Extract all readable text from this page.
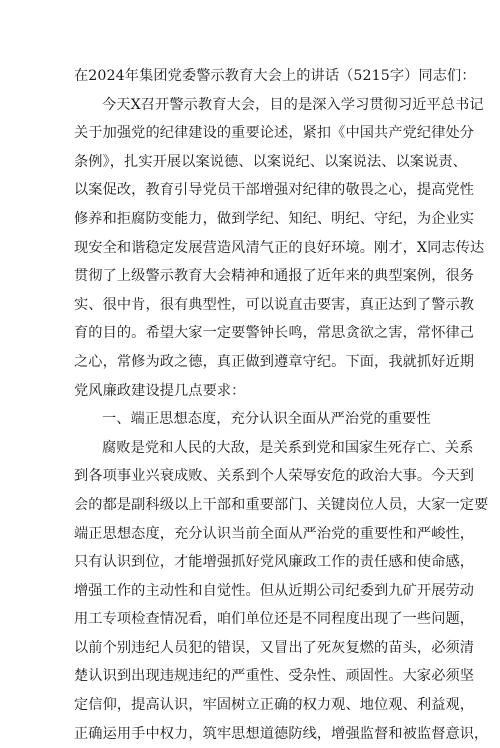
在2024年集团党委警示教育大会上的讲话（5215字）同志们：
今天X召开警示教育大会，目的是深入学习贯彻习近平总书记
关于加强党的纪律建设的重要论述，紧扣《中国共产党纪律处分
条例》，扎实开展以案说德、以案说纪、以案说法、以案说责、
以案促改，教育引导党员干部增强对纪律的敬畏之心，提高党性
修养和拒腐防变能力，做到学纪、知纪、明纪、守纪，为企业实
现安全和谐稳定发展营造风清气正的良好环境。刚才，X同志传达
贯彻了上级警示教育大会精神和通报了近年来的典型案例，很务
实、很中肯，很有典型性，可以说直击要害，真正达到了警示教
育的目的。希望大家一定要警钟长鸣，常思贪欲之害，常怀律己
之心，常修为政之德，真正做到遵章守纪。下面，我就抓好近期
党风廉政建设提几点要求：
一、端正思想态度，充分认识全面从严治党的重要性
腐败是党和人民的大敌，是关系到党和国家生死存亡、关系
到各项事业兴衰成败、关系到个人荣辱安危的政治大事。今天到
会的都是副科级以上干部和重要部门、关键岗位人员，大家一定要
端正思想态度，充分认识当前全面从严治党的重要性和严峻性，
只有认识到位，才能增强抓好党风廉政工作的责任感和使命感，
增强工作的主动性和自觉性。但从近期公司纪委到九矿开展劳动
用工专项检查情况看，咱们单位还是不同程度出现了一些问题，
以前个别违纪人员犯的错误，又冒出了死灰复燃的苗头，必须清
楚认识到出现违规违纪的严重性、受杂性、顽固性。大家必须坚
定信仰，提高认识，牢固树立正确的权力观、地位观、利益观，
正确运用手中权力，筑牢思想道德防线，增强监督和被监督意识，
